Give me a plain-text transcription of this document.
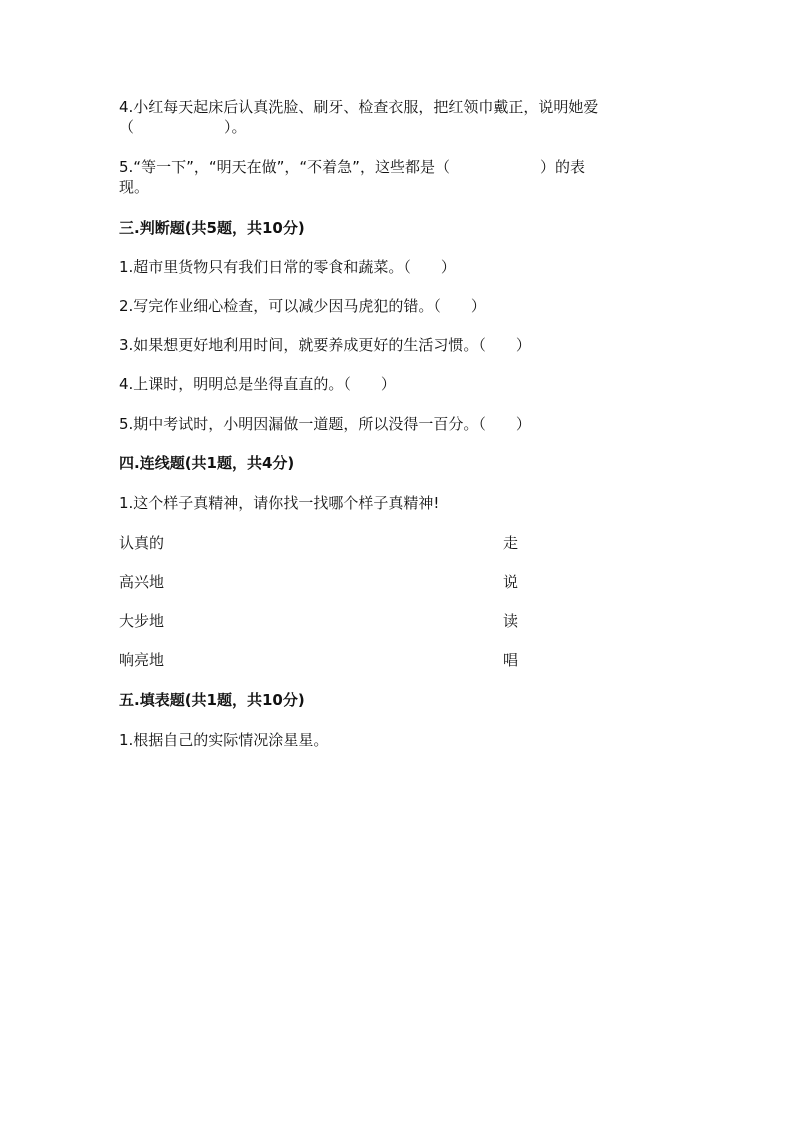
4.小红每天起床后认真洗脸、刷牙、检查衣服，把红领巾戴正，说明她爱
（　　　　　　）。
5.“等一下”，“明天在做”，“不着急”，这些都是（　　　　　　）的表
现。
三.判断题(共5题，共10分)
1.超市里货物只有我们日常的零食和蔬菜。（　　）
2.写完作业细心检查，可以减少因马虎犯的错。（　　）
3.如果想更好地利用时间，就要养成更好的生活习惯。（　　）
4.上课时，明明总是坐得直直的。（　　）
5.期中考试时，小明因漏做一道题，所以没得一百分。（　　）
四.连线题(共1题，共4分)
1.这个样子真精神，请你找一找哪个样子真精神!
认真的	走
高兴地	说
大步地	读
响亮地	唱
五.填表题(共1题，共10分)
1.根据自己的实际情况涂星星。
